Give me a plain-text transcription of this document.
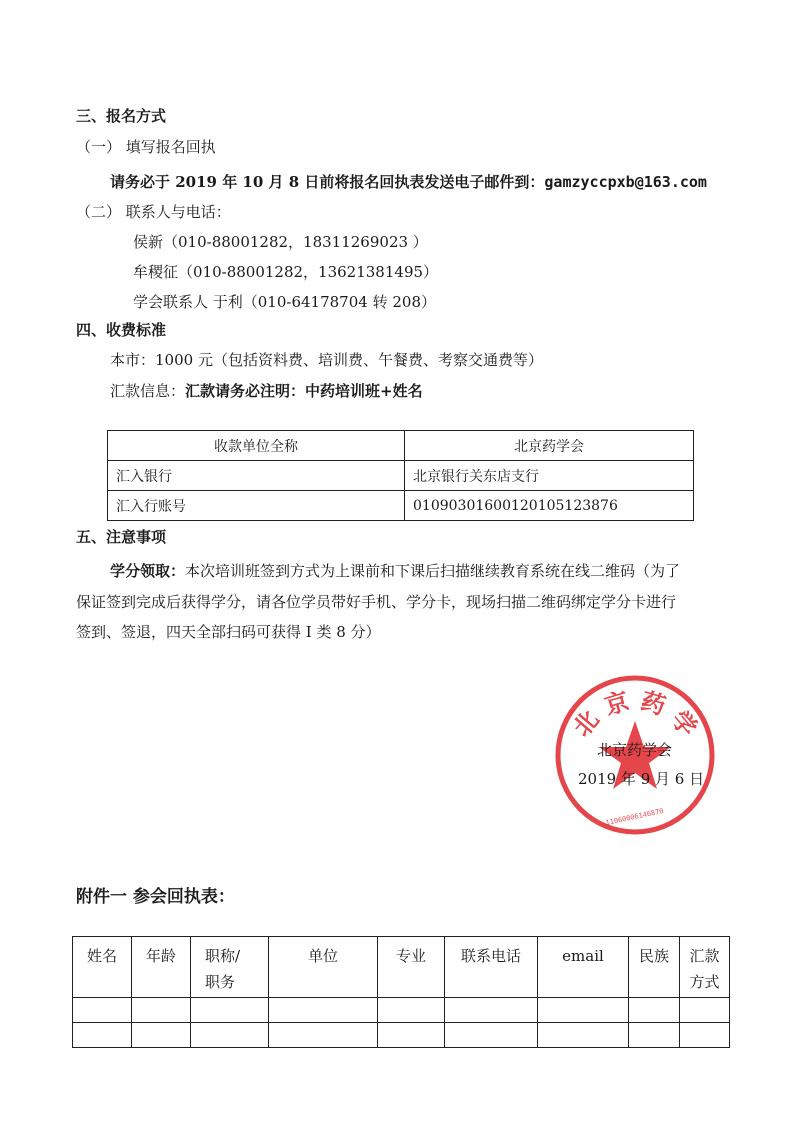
三、报名方式
（一） 填写报名回执
请务必于 2019 年 10 月 8 日前将报名回执表发送电子邮件到：gamzyccpxb@163.com
（二） 联系人与电话：
侯新（010-88001282，18311269023 ）
牟稷征（010-88001282，13621381495）
学会联系人 于利（010-64178704 转 208）
四、收费标准
本市：1000 元（包括资料费、培训费、午餐费、考察交通费等）
汇款信息：汇款请务必注明：中药培训班+姓名
收款单位全称	北京药学会
汇入银行	北京银行关东店支行
汇入行账号	01090301600120105123876
五、注意事项
学分领取：本次培训班签到方式为上课前和下课后扫描继续教育系统在线二维码（为了
保证签到完成后获得学分，请各位学员带好手机、学分卡，现场扫描二维码绑定学分卡进行
签到、签退，四天全部扫码可获得 I 类 8 分）
北 京 药 学
11060006146870
北京药学会
2019 年 9 月 6 日
附件一 参会回执表：
姓名	年龄	职称/
职务	单位	专业	联系电话	email	民族	汇款方式
